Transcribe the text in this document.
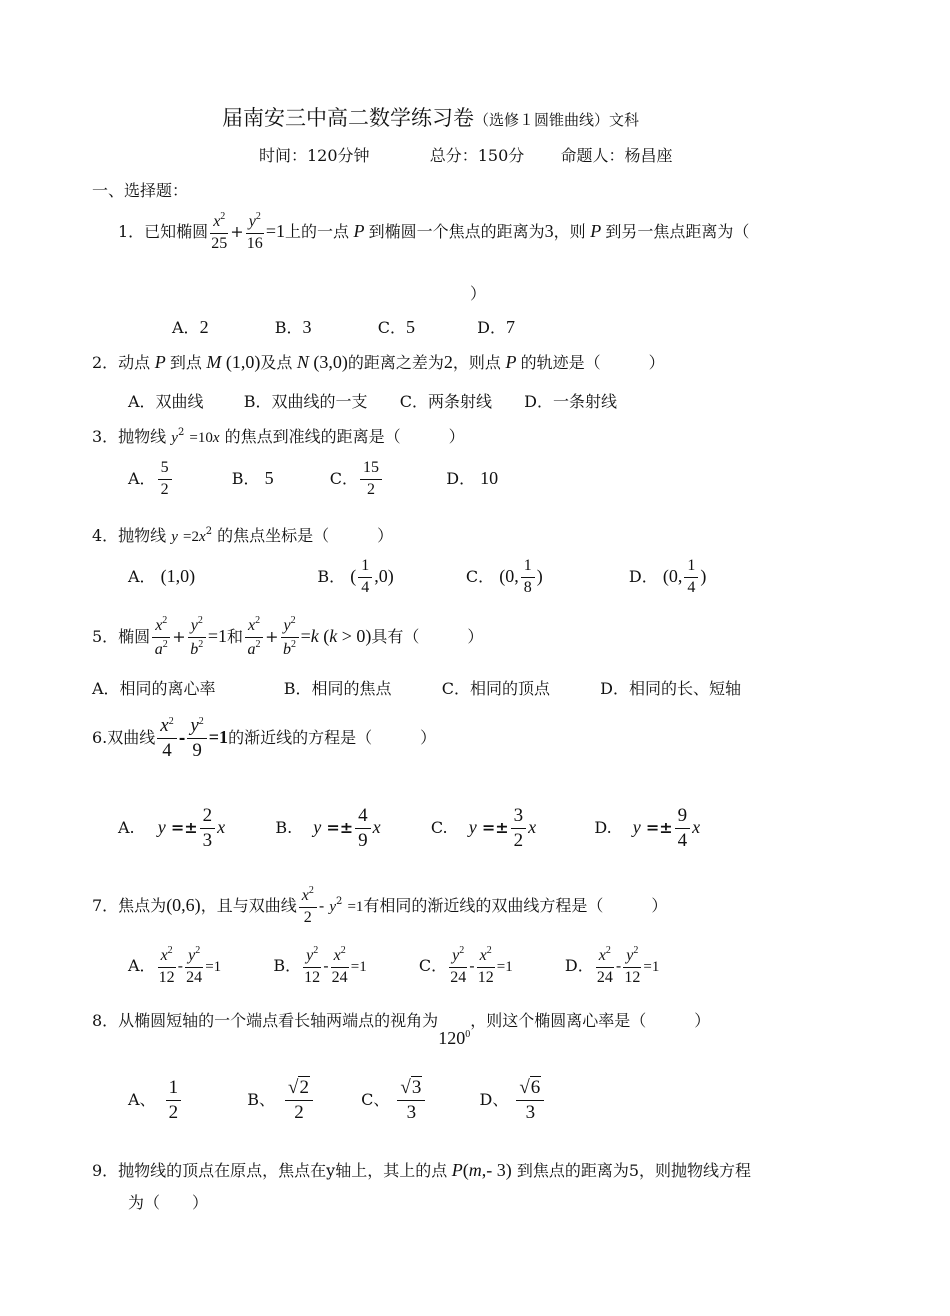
届南安三中高二数学练习卷（选修１圆锥曲线）文科
时间：120分钟	总分：150分 命题人：杨昌座
一、选择题：
1．已知椭圆 $\frac{x^2}{25} + \frac{y^2}{16} =1$上的一点 P 到椭圆一个焦点的距离为3，则 P 到另一焦点距离为（
）
A．2	B．3	C．5	D．7
2．动点 P 到点 M (1,0)及点 N (3,0)的距离之差为2，则点 P 的轨迹是（　　　）
A．双曲线	B．双曲线的一支 C．两条射线 D．一条射线
3．抛物线 $y^2 =10x$ 的焦点到准线的距离是（　　　）
A． $\frac{5}{2}$	B． 5	C． $\frac{15}{2}$	D． 10
4．抛物线 $y =2x^2$ 的焦点坐标是（　　　）
A． (1,0)	B． ( $\frac{1}{4} ,0$)	C． (0, $\frac{1}{8}$ )	D． (0, $\frac{1}{4}$ )
5．椭圆 $\frac{x^2}{a^2} + \frac{y^2}{b^2} =1$和 $\frac{x^2}{a^2} + \frac{y^2}{b^2} =k$ (k > 0)具有（　　　）
A．相同的离心率	B．相同的焦点	C．相同的顶点	D．相同的长、短轴
6.双曲线 $\frac{x^2}{4} - \frac{y^2}{9} =1$的渐近线的方程是（　　　）
A. $y =\pm \frac{2}{3}$ x	B. $y =\pm \frac{4}{9}$ x	C. $y =\pm \frac{3}{2}$ x	D. $y =\pm \frac{9}{4}$ x
7．焦点为(0,6)，且与双曲线 $\frac{x^2}{2} - y^2 =1$有相同的渐近线的双曲线方程是（　　　）
A． $\frac{x^2}{12} - \frac{y^2}{24} =1$	B． $\frac{y^2}{12} - \frac{x^2}{24} =1$	C． $\frac{y^2}{24} - \frac{x^2}{12} =1$	D． $\frac{x^2}{24} - \frac{y^2}{12} =1$
8．从椭圆短轴的一个端点看长轴两端点的视角为$120^0$，则这个椭圆离心率是（　　　）
A、 $\frac{1}{2}$	B、 $\frac{√2}{2}$	C、 $\frac{√3}{3}$	D、 $\frac{√6}{3}$
9．抛物线的顶点在原点，焦点在y轴上，其上的点 P(m,- 3) 到焦点的距离为5，则抛物线方程
为（　　）
